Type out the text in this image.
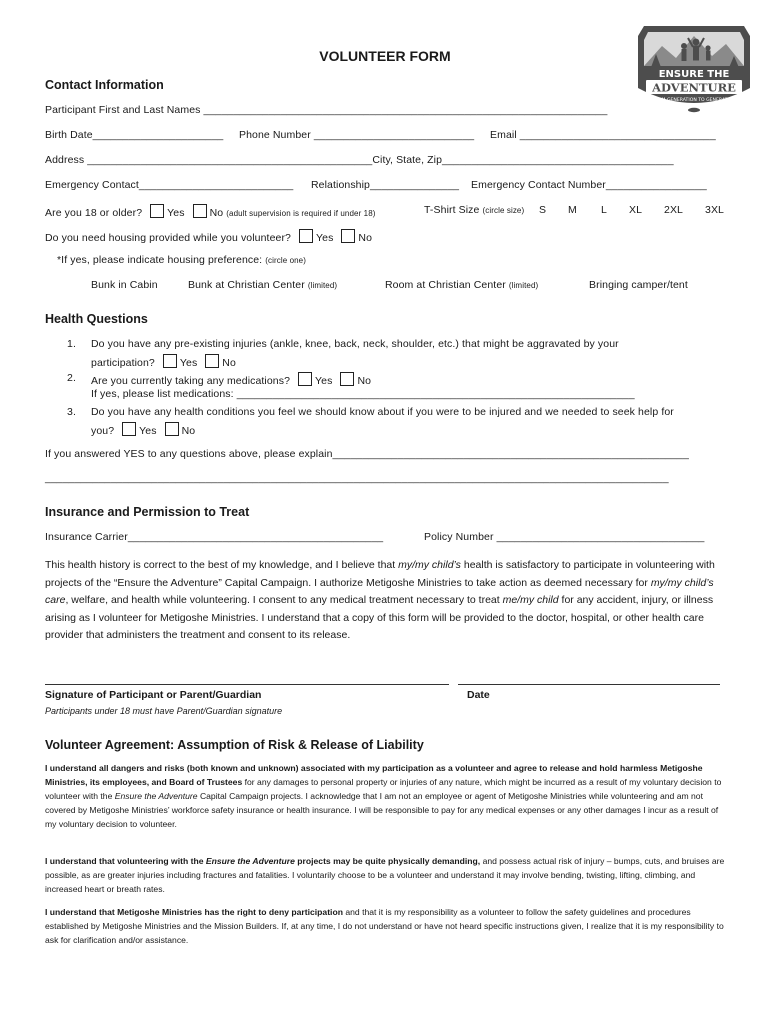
ENSURE THE
ADVENTURE
FROM GENERATION TO GENERATION
VOLUNTEER FORM
Contact Information
Participant First and Last Names ____________________________________________________________________
Birth Date______________________ Phone Number ___________________________ Email _________________________________
Address ________________________________________________City, State, Zip_______________________________________
Emergency Contact__________________________ Relationship_______________ Emergency Contact Number_________________
Are you 18 or older? Yes No (adult supervision is required if under 18)	T-Shirt Size (circle size) S M L XL 2XL 3XL
Do you need housing provided while you volunteer? Yes No
*If yes, please indicate housing preference: (circle one)
Bunk in Cabin	Bunk at Christian Center (limited)	Room at Christian Center (limited)	Bringing camper/tent
Health Questions
1. Do you have any pre-existing injuries (ankle, knee, back, neck, shoulder, etc.) that might be aggravated by your
participation? Yes No
2. Are you currently taking any medications? Yes No
If yes, please list medications: ___________________________________________________________________
3. Do you have any health conditions you feel we should know about if you were to be injured and we needed to seek help for
you? Yes No
If you answered YES to any questions above, please explain____________________________________________________________
_________________________________________________________________________________________________________
Insurance and Permission to Treat
Insurance Carrier___________________________________________	Policy Number ___________________________________
This health history is correct to the best of my knowledge, and I believe that my/my child’s health is satisfactory to participate in volunteering with projects of the “Ensure the Adventure” Capital Campaign. I authorize Metigoshe Ministries to take action as deemed necessary for my/my child’s care, welfare, and health while volunteering. I consent to any medical treatment necessary to treat me/my child for any accident, injury, or illness arising as I volunteer for Metigoshe Ministries. I understand that a copy of this form will be provided to the doctor, hospital, or other health care provider that administers the treatment and consent to its release.
Signature of Participant or Parent/Guardian	Date
Participants under 18 must have Parent/Guardian signature
Volunteer Agreement: Assumption of Risk & Release of Liability
I understand all dangers and risks (both known and unknown) associated with my participation as a volunteer and agree to release and hold harmless Metigoshe Ministries, its employees, and Board of Trustees for any damages to personal property or injuries of any nature, which might be incurred as a result of my voluntary decision to volunteer with the Ensure the Adventure Capital Campaign projects. I acknowledge that I am not an employee or agent of Metigoshe Ministries while volunteering and am not covered by Metigoshe Ministries’ workforce safety insurance or health insurance. I will be responsible to pay for any medical expenses or any other damages I incur as a result of my voluntary decision to volunteer.
I understand that volunteering with the Ensure the Adventure projects may be quite physically demanding, and possess actual risk of injury – bumps, cuts, and bruises are possible, as are greater injuries including fractures and fatalities. I voluntarily choose to be a volunteer and understand it may involve bending, twisting, lifting, climbing, and increased heart or breath rates.
I understand that Metigoshe Ministries has the right to deny participation and that it is my responsibility as a volunteer to follow the safety guidelines and procedures established by Metigoshe Ministries and the Mission Builders. If, at any time, I do not understand or have not heard specific instructions given, I realize that it is my responsibility to ask for clarification and/or assistance.
